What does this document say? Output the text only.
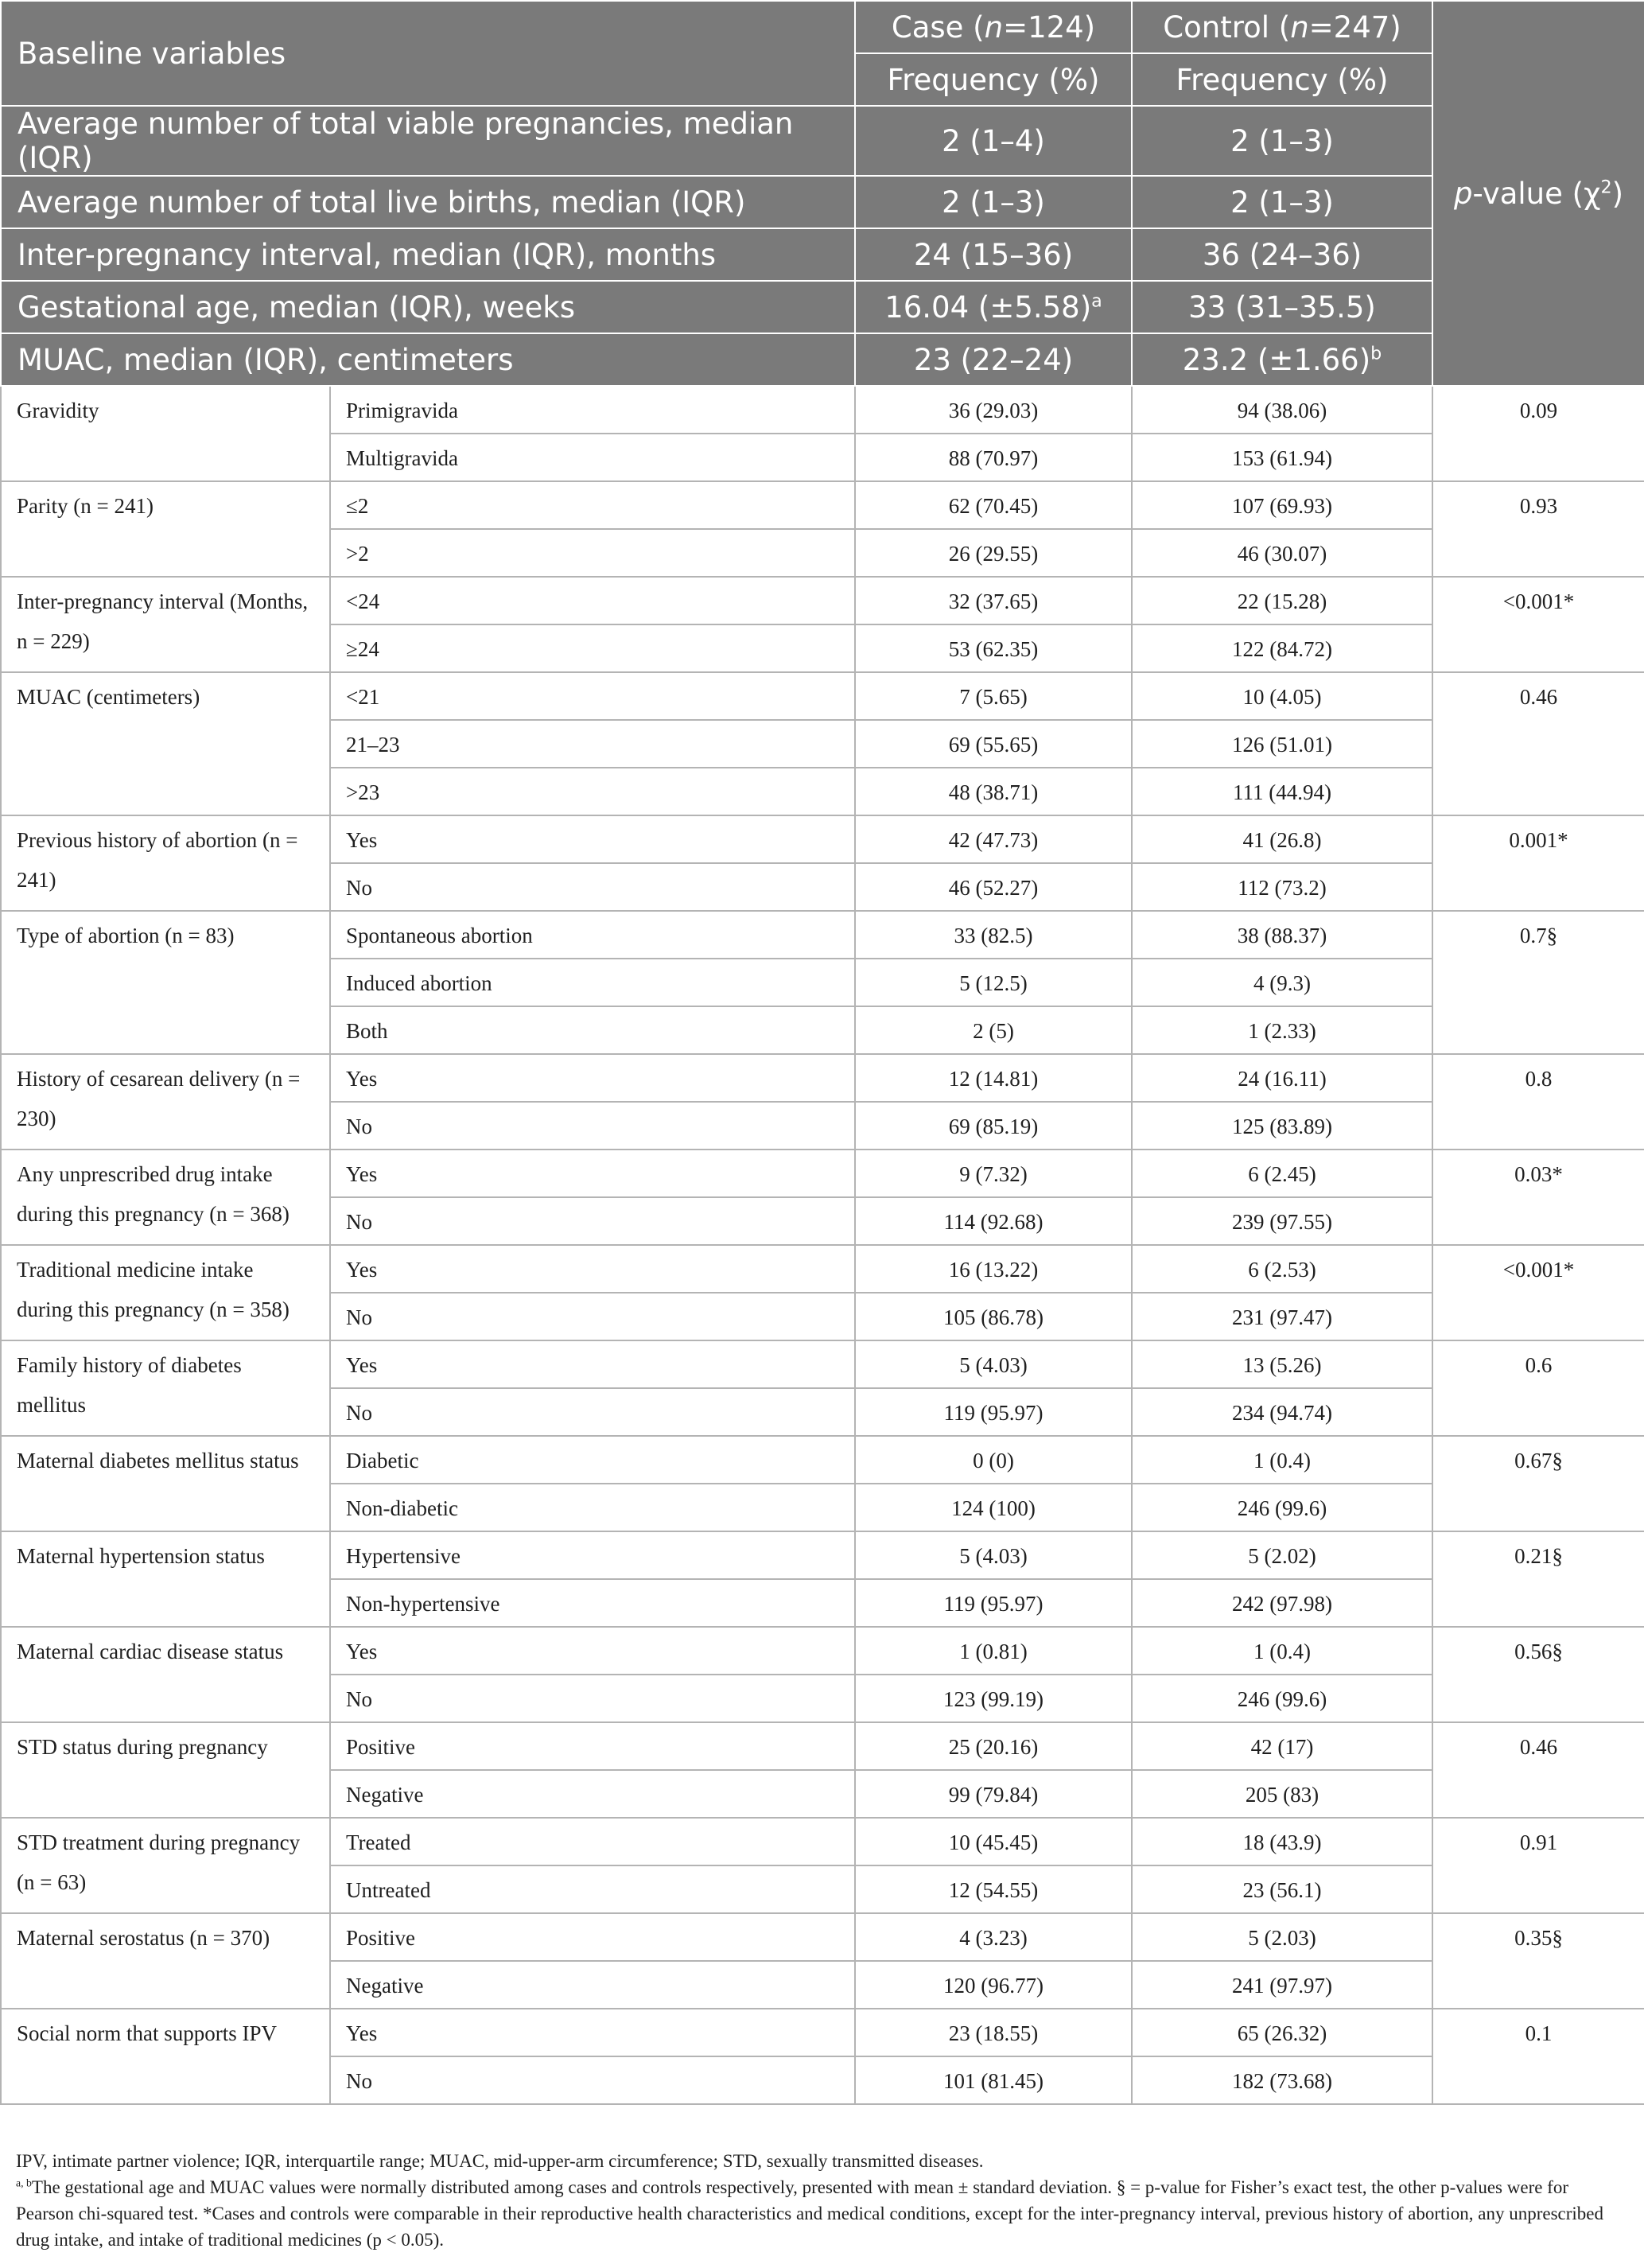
Baseline variables		Case (n=124)	Control (n=247)	p-value $(\chi^2)$
		Frequency (%)	Frequency (%)	
Average number of total viable pregnancies, median (IQR)		2 (1–4)	2 (1–3)	
Average number of total live births, median (IQR)		2 (1–3)	2 (1–3)	
Inter-pregnancy interval, median (IQR), months		24 (15–36)	36 (24–36)	
Gestational age, median (IQR), weeks		16.04 $(\pm 5.58)^a$	33 (31–35.5)	
MUAC, median (IQR), centimeters		23 (22–24)	23.2 $(\pm 1.66)^b$
Gravidity	Primigravida	36 (29.03)	94 (38.06)	0.09
	Multigravida	88 (70.97)	153 (61.94)	
Parity (n = 241)	≤2	62 (70.45)	107 (69.93)	0.93
	>2	26 (29.55)	46 (30.07)	
Inter-pregnancy interval (Months, n = 229)	<24	32 (37.65)	22 (15.28)	<0.001*
	≥24	53 (62.35)	122 (84.72)	
MUAC (centimeters)	<21	7 (5.65)	10 (4.05)	0.46
	21–23	69 (55.65)	126 (51.01)	
	>23	48 (38.71)	111 (44.94)	
Previous history of abortion (n = 241)	Yes	42 (47.73)	41 (26.8)	0.001*
	No	46 (52.27)	112 (73.2)	
Type of abortion (n = 83)	Spontaneous abortion	33 (82.5)	38 (88.37)	0.7§
	Induced abortion	5 (12.5)	4 (9.3)	
	Both	2 (5)	1 (2.33)	
History of cesarean delivery (n = 230)	Yes	12 (14.81)	24 (16.11)	0.8
	No	69 (85.19)	125 (83.89)	
Any unprescribed drug intake during this pregnancy (n = 368)	Yes	9 (7.32)	6 (2.45)	0.03*
	No	114 (92.68)	239 (97.55)	
Traditional medicine intake during this pregnancy (n = 358)	Yes	16 (13.22)	6 (2.53)	<0.001*
	No	105 (86.78)	231 (97.47)	
Family history of diabetes mellitus	Yes	5 (4.03)	13 (5.26)	0.6
	No	119 (95.97)	234 (94.74)	
Maternal diabetes mellitus status	Diabetic	0 (0)	1 (0.4)	0.67§
	Non-diabetic	124 (100)	246 (99.6)	
Maternal hypertension status	Hypertensive	5 (4.03)	5 (2.02)	0.21§
	Non-hypertensive	119 (95.97)	242 (97.98)	
Maternal cardiac disease status	Yes	1 (0.81)	1 (0.4)	0.56§
	No	123 (99.19)	246 (99.6)	
STD status during pregnancy	Positive	25 (20.16)	42 (17)	0.46
	Negative	99 (79.84)	205 (83)	
STD treatment during pregnancy (n = 63)	Treated	10 (45.45)	18 (43.9)	0.91
	Untreated	12 (54.55)	23 (56.1)	
Maternal serostatus (n = 370)	Positive	4 (3.23)	5 (2.03)	0.35§
	Negative	120 (96.77)	241 (97.97)	
Social norm that supports IPV	Yes	23 (18.55)	65 (26.32)	0.1
	No	101 (81.45)	182 (73.68)	

IPV, intimate partner violence; IQR, interquartile range; MUAC, mid-upper-arm circumference; STD, sexually transmitted diseases.

$^{a, b}$The gestational age and MUAC values were normally distributed among cases and controls respectively, presented with mean ± standard deviation. § = p-value for Fisher’s exact test, the other p-values were for Pearson chi-squared test. *Cases and controls were comparable in their reproductive health characteristics and medical conditions, except for the inter-pregnancy interval, previous history of abortion, any unprescribed drug intake, and intake of traditional medicines (p < 0.05).
